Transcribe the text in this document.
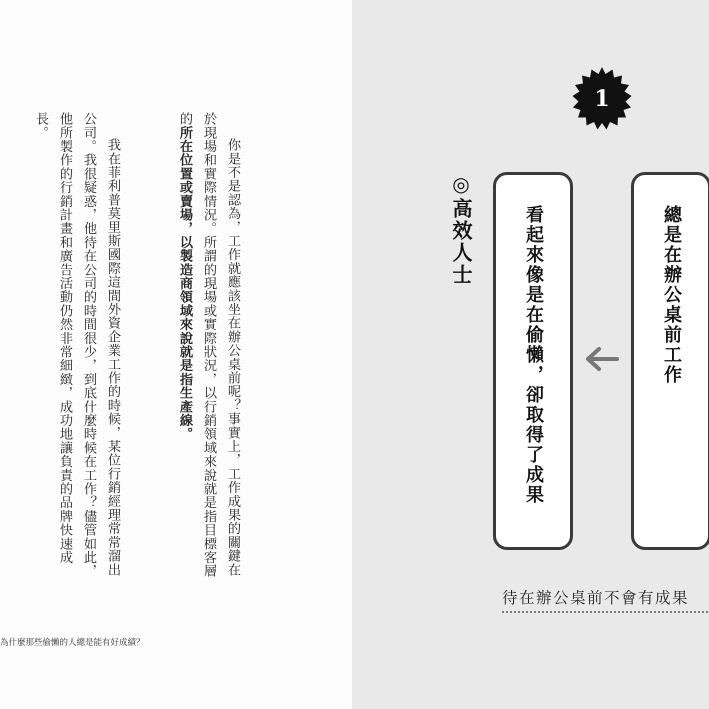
你是不是認為，工作就應該坐在辦公桌前呢？事實上，工作成果的關鍵在於現場和實際情況。所謂的現場或實際狀況，以行銷領域來說就是指目標客層的所在位置或賣場，以製造商領域來說就是指生產線。

我在菲利普莫里斯國際這間外資企業工作的時候，某位行銷經理常常溜出公司。我很疑惑，他待在公司的時間很少，到底什麼時候在工作？儘管如此，他所製作的行銷計畫和廣告活動仍然非常細緻，成功地讓負責的品牌快速成長。

為什麼那些偷懶的人總是能有好成績？
1
總是在辦公桌前工作
看起來像是在偷懶，卻取得了成果
◎高效人士
待在辦公桌前不會有成果
